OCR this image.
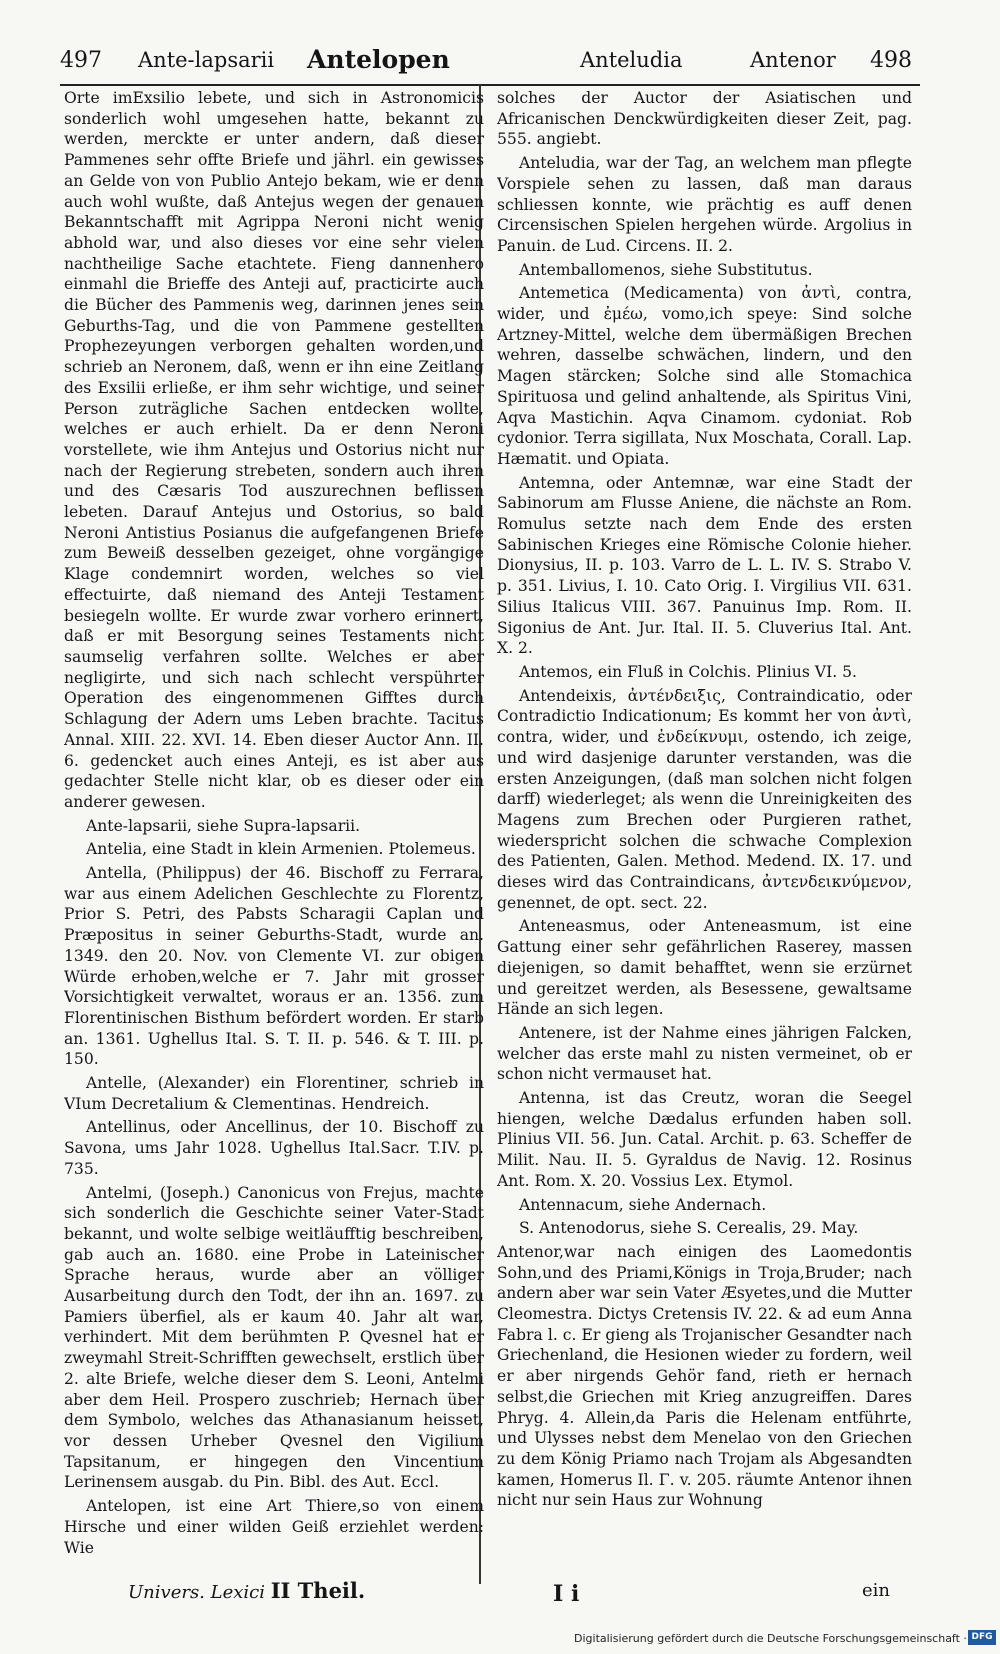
497 Ante-lapsarii Antelopen	Anteludia	Antenor 498

Orte imExsilio lebete, und sich in Astronomicis sonderlich wohl umgesehen hatte, bekannt zu werden, merckte er unter andern, daß dieser Pammenes sehr offte Briefe und jährl. ein gewisses an Gelde von von Publio Antejo bekam, wie er denn auch wohl wußte, daß Antejus wegen der genauen Bekanntschafft mit Agrippa Neroni nicht wenig abhold war, und also dieses vor eine sehr vielen nachtheilige Sache etachtete. Fieng dannenhero einmahl die Brieffe des Anteji auf, practicirte auch die Bücher des Pammenis weg, darinnen jenes sein Geburths-Tag, und die von Pammene gestellten Prophezeyungen verborgen gehalten worden,und schrieb an Neronem, daß, wenn er ihn eine Zeitlang des Exsilii erließe, er ihm sehr wichtige, und seiner Person zuträgliche Sachen entdecken wollte, welches er auch erhielt. Da er denn Neroni vorstellete, wie ihm Antejus und Ostorius nicht nur nach der Regierung strebeten, sondern auch ihren und des Cæsaris Tod auszurechnen beflissen lebeten. Darauf Antejus und Ostorius, so bald Neroni Antistius Posianus die aufgefangenen Briefe zum Beweiß desselben gezeiget, ohne vorgängige Klage condemnirt worden, welches so viel effectuirte, daß niemand des Anteji Testament besiegeln wollte. Er wurde zwar vorhero erinnert, daß er mit Besorgung seines Testaments nicht saumselig verfahren sollte. Welches er aber negligirte, und sich nach schlecht verspührter Operation des eingenommenen Gifftes durch Schlagung der Adern ums Leben brachte. Tacitus Annal. XIII. 22. XVI. 14. Eben dieser Auctor Ann. II. 6. gedencket auch eines Anteji, es ist aber aus gedachter Stelle nicht klar, ob es dieser oder ein anderer gewesen.

Ante-lapsarii, siehe Supra-lapsarii.

Antelia, eine Stadt in klein Armenien. Ptolemeus.

Antella, (Philippus) der 46. Bischoff zu Ferrara, war aus einem Adelichen Geschlechte zu Florentz, Prior S. Petri, des Pabsts Scharagii Caplan und Præpositus in seiner Geburths-Stadt, wurde an. 1349. den 20. Nov. von Clemente VI. zur obigen Würde erhoben,welche er 7. Jahr mit grosser Vorsichtigkeit verwaltet, woraus er an. 1356. zum Florentinischen Bisthum befördert worden. Er starb an. 1361. Ughellus Ital. S. T. II. p. 546. & T. III. p. 150.

Antelle, (Alexander) ein Florentiner, schrieb in VIum Decretalium & Clementinas. Hendreich.

Antellinus, oder Ancellinus, der 10. Bischoff zu Savona, ums Jahr 1028. Ughellus Ital.Sacr. T.IV. p. 735.

Antelmi, (Joseph.) Canonicus von Frejus, machte sich sonderlich die Geschichte seiner Vater-Stadt bekannt, und wolte selbige weitläufftig beschreiben, gab auch an. 1680. eine Probe in Lateinischer Sprache heraus, wurde aber an völliger Ausarbeitung durch den Todt, der ihn an. 1697. zu Pamiers überfiel, als er kaum 40. Jahr alt war, verhindert. Mit dem berühmten P. Qvesnel hat er zweymahl Streit-Schrifften gewechselt, erstlich über 2. alte Briefe, welche dieser dem S. Leoni, Antelmi aber dem Heil. Prospero zuschrieb; Hernach über dem Symbolo, welches das Athanasianum heisset, vor dessen Urheber Qvesnel den Vigilium Tapsitanum, er hingegen den Vincentium Lerinensem ausgab. du Pin. Bibl. des Aut. Eccl.

Antelopen, ist eine Art Thiere,so von einem Hirsche und einer wilden Geiß erziehlet werden: Wie

solches der Auctor der Asiatischen und Africanischen Denckwürdigkeiten dieser Zeit, pag. 555. angiebt.

Anteludia, war der Tag, an welchem man pflegte Vorspiele sehen zu lassen, daß man daraus schliessen konnte, wie prächtig es auff denen Circensischen Spielen hergehen würde. Argolius in Panuin. de Lud. Circens. II. 2.

Antemballomenos, siehe Substitutus.

Antemetica (Medicamenta) von ἀντὶ, contra, wider, und ἐμέω, vomo,ich speye: Sind solche Artzney-Mittel, welche dem übermäßigen Brechen wehren, dasselbe schwächen, lindern, und den Magen stärcken; Solche sind alle Stomachica Spirituosa und gelind anhaltende, als Spiritus Vini, Aqva Mastichin. Aqva Cinamom. cydoniat. Rob cydonior. Terra sigillata, Nux Moschata, Corall. Lap. Hæmatit. und Opiata.

Antemna, oder Antemnæ, war eine Stadt der Sabinorum am Flusse Aniene, die nächste an Rom. Romulus setzte nach dem Ende des ersten Sabinischen Krieges eine Römische Colonie hieher. Dionysius, II. p. 103. Varro de L. L. IV. S. Strabo V. p. 351. Livius, I. 10. Cato Orig. I. Virgilius VII. 631. Silius Italicus VIII. 367. Panuinus Imp. Rom. II. Sigonius de Ant. Jur. Ital. II. 5. Cluverius Ital. Ant. X. 2.

Antemos, ein Fluß in Colchis. Plinius VI. 5.

Antendeixis, ἀντένδειξις, Contraindicatio, oder Contradictio Indicationum; Es kommt her von ἀντὶ, contra, wider, und ἐνδείκνυμι, ostendo, ich zeige, und wird dasjenige darunter verstanden, was die ersten Anzeigungen, (daß man solchen nicht folgen darff) wiederleget; als wenn die Unreinigkeiten des Magens zum Brechen oder Purgieren rathet, wiederspricht solchen die schwache Complexion des Patienten, Galen. Method. Medend. IX. 17. und dieses wird das Contraindicans, ἀντενδεικνύμενον, genennet, de opt. sect. 22.

Anteneasmus, oder Anteneasmum, ist eine Gattung einer sehr gefährlichen Raserey, massen diejenigen, so damit behafftet, wenn sie erzürnet und gereitzet werden, als Besessene, gewaltsame Hände an sich legen.

Antenere, ist der Nahme eines jährigen Falcken, welcher das erste mahl zu nisten vermeinet, ob er schon nicht vermauset hat.

Antenna, ist das Creutz, woran die Seegel hiengen, welche Dædalus erfunden haben soll. Plinius VII. 56. Jun. Catal. Archit. p. 63. Scheffer de Milit. Nau. II. 5. Gyraldus de Navig. 12. Rosinus Ant. Rom. X. 20. Vossius Lex. Etymol.

Antennacum, siehe Andernach.

S. Antenodorus, siehe S. Cerealis, 29. May.

Antenor,war nach einigen des Laomedontis Sohn,und des Priami,Königs in Troja,Bruder; nach andern aber war sein Vater Æsyetes,und die Mutter Cleomestra. Dictys Cretensis IV. 22. & ad eum Anna Fabra l. c. Er gieng als Trojanischer Gesandter nach Griechenland, die Hesionen wieder zu fordern, weil er aber nirgends Gehör fand, rieth er hernach selbst,die Griechen mit Krieg anzugreiffen. Dares Phryg. 4. Allein,da Paris die Helenam entführte, und Ulysses nebst dem Menelao von den Griechen zu dem König Priamo nach Trojam als Abgesandten kamen, Homerus Il. Γ. v. 205. räumte Antenor ihnen nicht nur sein Haus zur Wohnung

Univers. Lexici II Theil.	I i	ein
Digitalisierung gefördert durch die Deutsche Forschungsgemeinschaft · DFG
